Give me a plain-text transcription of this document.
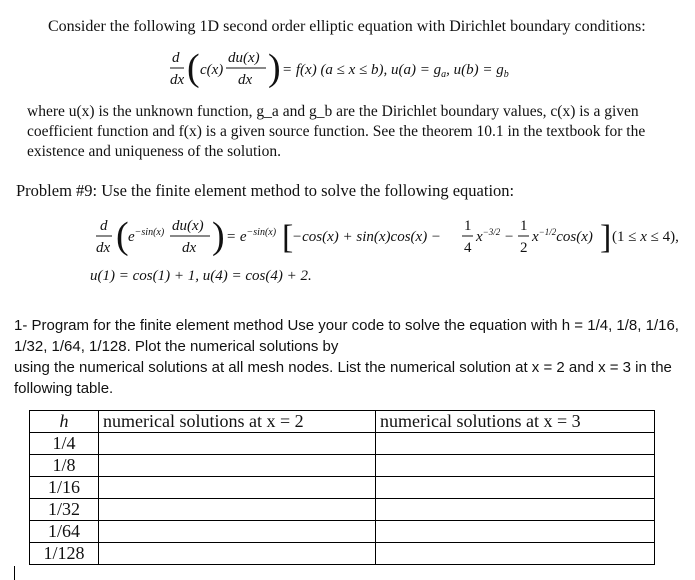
Consider the following 1D second order elliptic equation with Dirichlet boundary conditions:
d
dx ( c(x)
du(x)
dx ) = f(x) (a ≤ x ≤ b), $u(a) = g_a$, $u(b) = g_b$
where u(x) is the unknown function, g_a and g_b are the Dirichlet boundary values, c(x) is a given coefficient function and f(x) is a given source function. See the theorem 10.1 in the textbook for the existence and uniqueness of the solution.
Problem #9: Use the finite element method to solve the following equation:
d
dx ( $e^{-sin(x)}$ du(x)
dx ) = $e^{-sin(x)}$ [
−cos(x) + sin(x)cos(x) −
1
4
$x^{-3/2}$ −
1
2
$x^{-1/2}\cos(x)$ ] (1 ≤ x ≤ 4),
u(1) = cos(1) + 1, u(4) = cos(4) + 2.

1- Program for the finite element method Use your code to solve the equation with h = 1/4, 1/8, 1/16, 1/32, 1/64, 1/128. Plot the numerical solutions by

using the numerical solutions at all mesh nodes. List the numerical solution at x = 2 and x = 3 in the following table.

h	numerical solutions at x = 2	numerical solutions at x = 3
1/4		
1/8		
1/16		
1/32		
1/64		
1/128		
